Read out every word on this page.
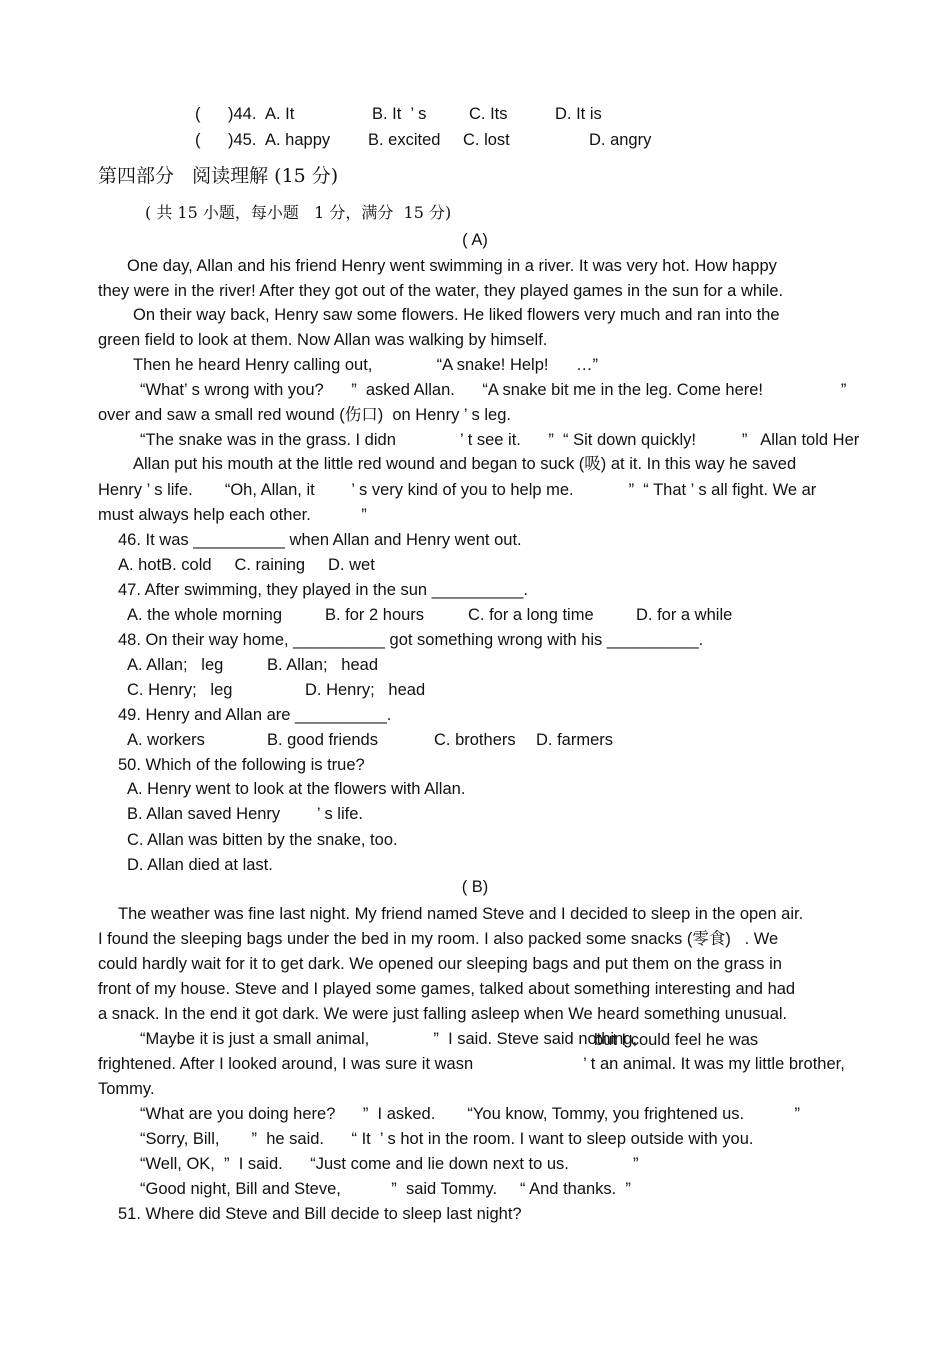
(      )44. A. It	B. It  ’ s	C. Its	D. It is
(      )45. A. happy B. excited C. lost	D. angry
第四部分   阅读理解 (15 分)
( 共 15 小题，每小题   1 分，满分  15 分)
( A)
One day, Allan and his friend Henry went swimming in a river. It was very hot. How happy
they were in the river! After they got out of the water, they played games in the sun for a while.
On their way back, Henry saw some flowers. He liked flowers very much and ran into the
green field to look at them. Now Allan was walking by himself.
Then he heard Henry calling out,              “A snake! Help!      …”
“What’ s wrong with you?      ”  asked Allan.      “A snake bit me in the leg. Come here!                 ”
over and saw a small red wound (伤口)  on Henry ’ s leg.
“The snake was in the grass. I didn              ’ t see it.      ”  “ Sit down quickly!          ”   Allan told Her
Allan put his mouth at the little red wound and began to suck (吸) at it. In this way he saved
Henry ’ s life.       “Oh, Allan, it        ’ s very kind of you to help me.            ”  “ That ’ s all fight. We ar
must always help each other.           ”
46. It was __________ when Allan and Henry went out.
A. hotB. cold     C. raining     D. wet
47. After swimming, they played in the sun __________.
A. the whole morning	B. for 2 hours	C. for a long time	D. for a while
48. On their way home, __________ got something wrong with his __________.
A. Allan;   leg	B. Allan;   head
C. Henry;   leg	D. Henry;   head
49. Henry and Allan are __________.
A. workers	B. good friends	C. brothers D. farmers
50. Which of the following is true?
A. Henry went to look at the flowers with Allan.
B. Allan saved Henry        ’ s life.
C. Allan was bitten by the snake, too.
D. Allan died at last.
( B)
The weather was fine last night. My friend named Steve and I decided to sleep in the open air.
I found the sleeping bags under the bed in my room. I also packed some snacks (零食)   . We
could hardly wait for it to get dark. We opened our sleeping bags and put them on the grass in
front of my house. Steve and I played some games, talked about something interesting and had
a snack. In the end it got dark. We were just falling asleep when We heard something unusual.
“Maybe it is just a small animal,              ”  I said. Steve said nothing,
but I could feel he was
frightened. After I looked around, I was sure it wasn                        ’ t an animal. It was my little brother,
Tommy.
“What are you doing here?      ”  I asked.       “You know, Tommy, you frightened us.           ”
“Sorry, Bill,       ”  he said.      “ It  ’ s hot in the room. I want to sleep outside with you.
“Well, OK,  ”  I said.      “Just come and lie down next to us.              ”
“Good night, Bill and Steve,           ”  said Tommy.     “ And thanks.  ”
51. Where did Steve and Bill decide to sleep last night?
